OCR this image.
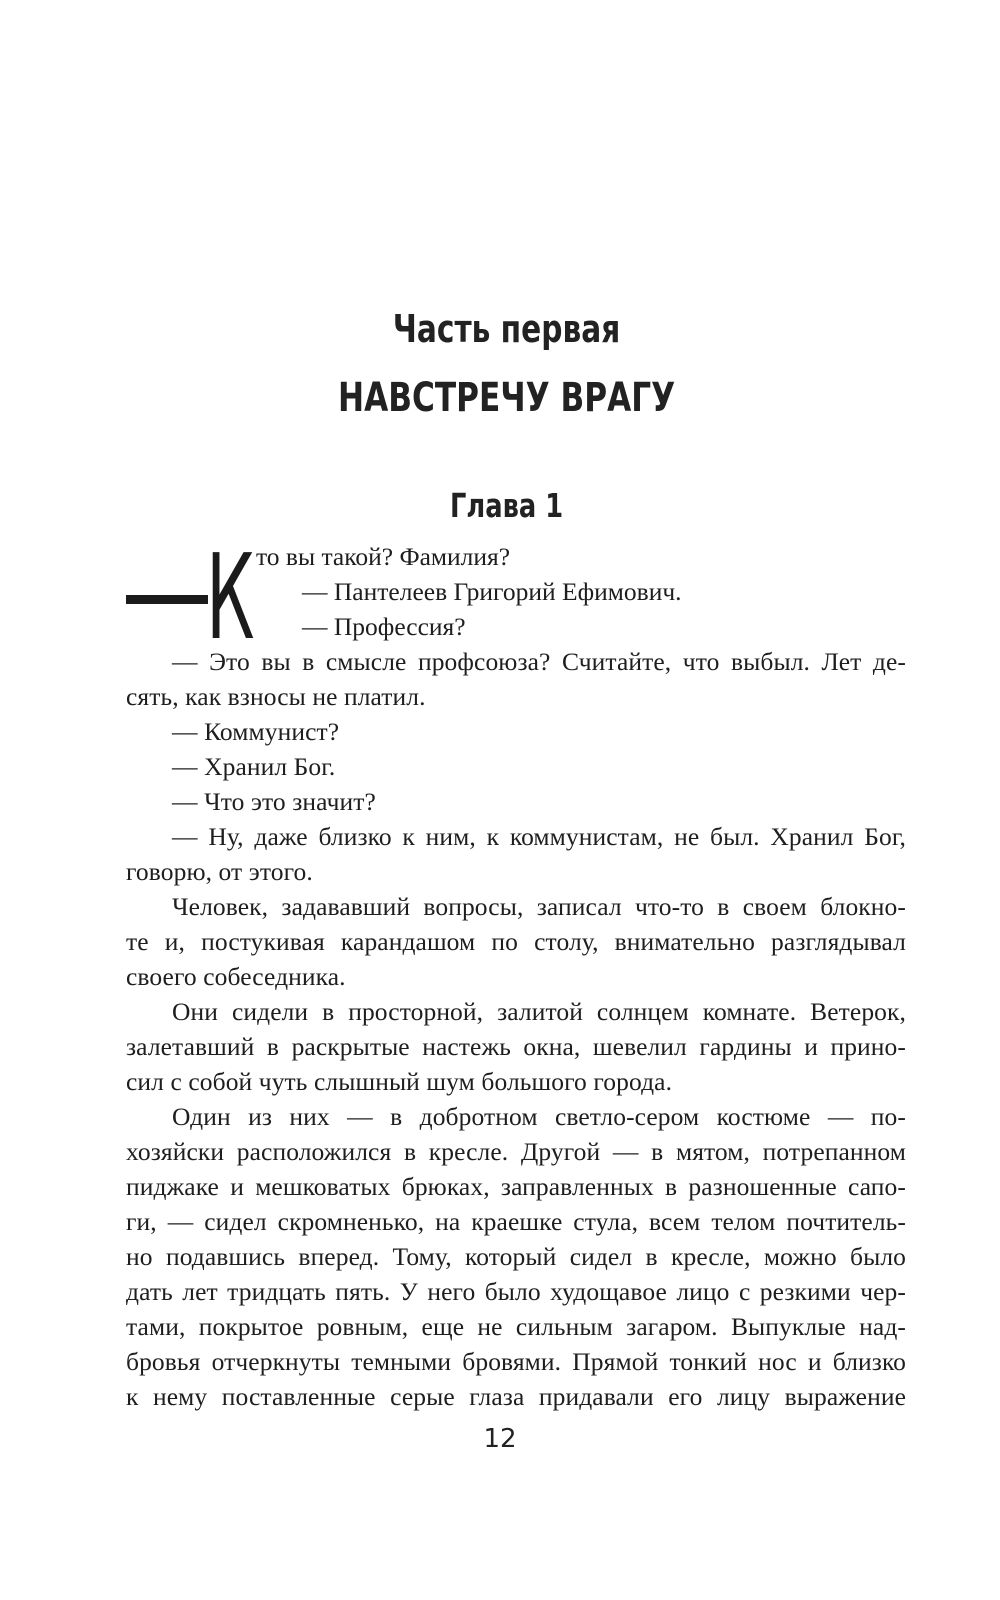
Часть первая
НАВСТРЕЧУ ВРАГУ
Глава 1
К то вы такой? Фамилия?
— Пантелеев Григорий Ефимович.
— Профессия?
— Это вы в смысле профсоюза? Считайте, что выбыл. Лет де-
сять, как взносы не платил.
— Коммунист?
— Хранил Бог.
— Что это значит?
— Ну, даже близко к ним, к коммунистам, не был. Хранил Бог,
говорю, от этого.
Человек, задававший вопросы, записал что-то в своем блокно-
те и, постукивая карандашом по столу, внимательно разглядывал
своего собеседника.
Они сидели в просторной, залитой солнцем комнате. Ветерок,
залетавший в раскрытые настежь окна, шевелил гардины и прино-
сил с собой чуть слышный шум большого города.
Один из них — в добротном светло-сером костюме — по-
хозяйски расположился в кресле. Другой — в мятом, потрепанном
пиджаке и мешковатых брюках, заправленных в разношенные сапо-
ги, — сидел скромненько, на краешке стула, всем телом почтитель-
но подавшись вперед. Тому, который сидел в кресле, можно было
дать лет тридцать пять. У него было худощавое лицо с резкими чер-
тами, покрытое ровным, еще не сильным загаром. Выпуклые над-
бровья отчеркнуты темными бровями. Прямой тонкий нос и близко
к нему поставленные серые глаза придавали его лицу выражение
12
